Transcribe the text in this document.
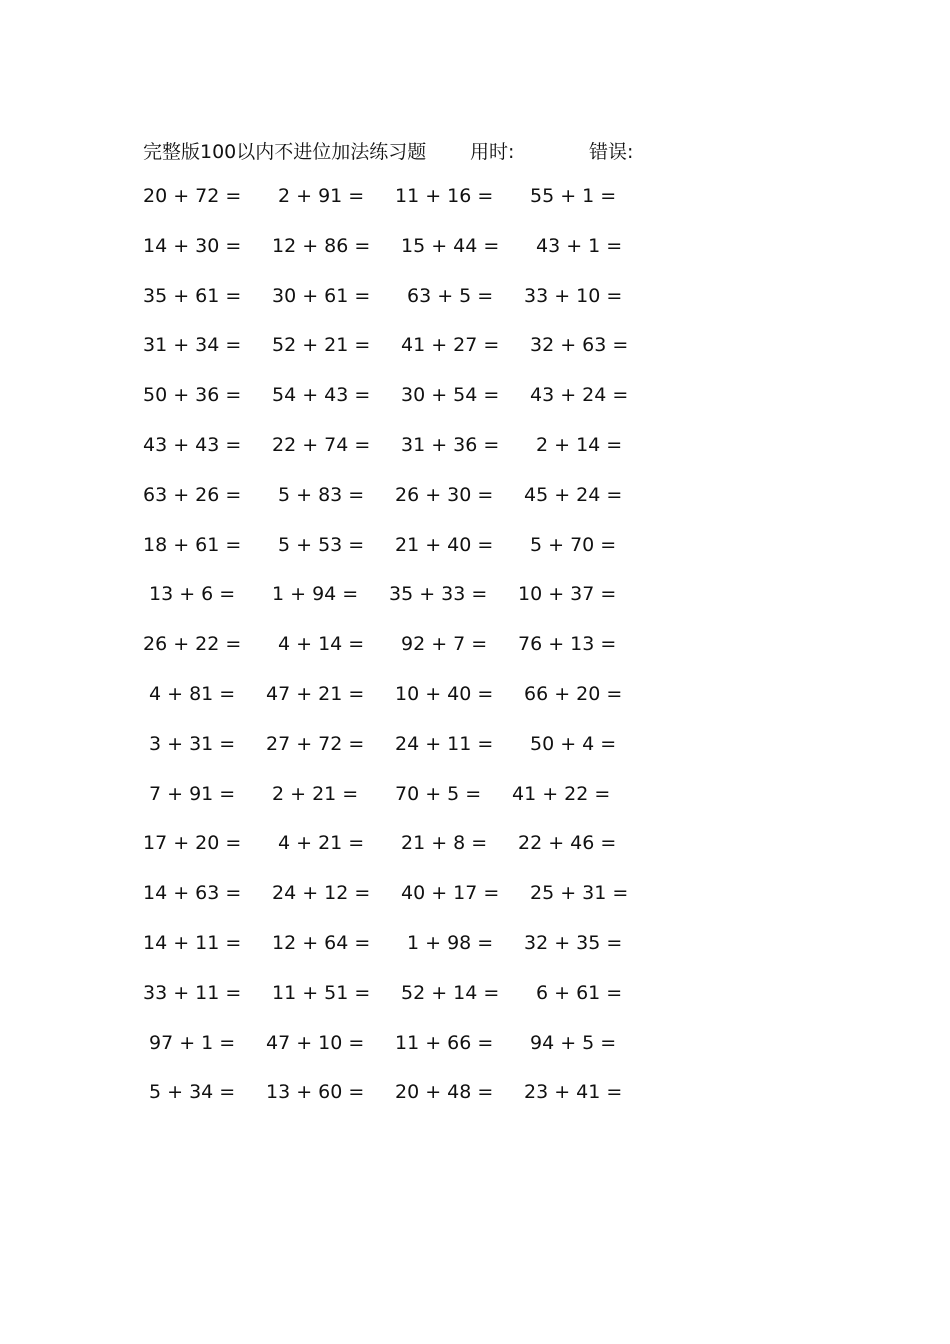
完整版100以内不进位加法练习题 用时:	错误:
20 + 72 = 2 + 91 = 11 + 16 = 55 + 1 =
14 + 30 = 12 + 86 = 15 + 44 = 43 + 1 =
35 + 61 = 30 + 61 = 63 + 5 = 33 + 10 =
31 + 34 = 52 + 21 = 41 + 27 = 32 + 63 =
50 + 36 = 54 + 43 = 30 + 54 = 43 + 24 =
43 + 43 = 22 + 74 = 31 + 36 = 2 + 14 =
63 + 26 = 5 + 83 = 26 + 30 = 45 + 24 =
18 + 61 = 5 + 53 = 21 + 40 = 5 + 70 =
13 + 6 = 1 + 94 = 35 + 33 = 10 + 37 =
26 + 22 = 4 + 14 = 92 + 7 = 76 + 13 =
4 + 81 = 47 + 21 = 10 + 40 = 66 + 20 =
3 + 31 = 27 + 72 = 24 + 11 = 50 + 4 =
7 + 91 = 2 + 21 = 70 + 5 = 41 + 22 =
17 + 20 = 4 + 21 = 21 + 8 = 22 + 46 =
14 + 63 = 24 + 12 = 40 + 17 = 25 + 31 =
14 + 11 = 12 + 64 = 1 + 98 = 32 + 35 =
33 + 11 = 11 + 51 = 52 + 14 = 6 + 61 =
97 + 1 = 47 + 10 = 11 + 66 = 94 + 5 =
5 + 34 = 13 + 60 = 20 + 48 = 23 + 41 =
